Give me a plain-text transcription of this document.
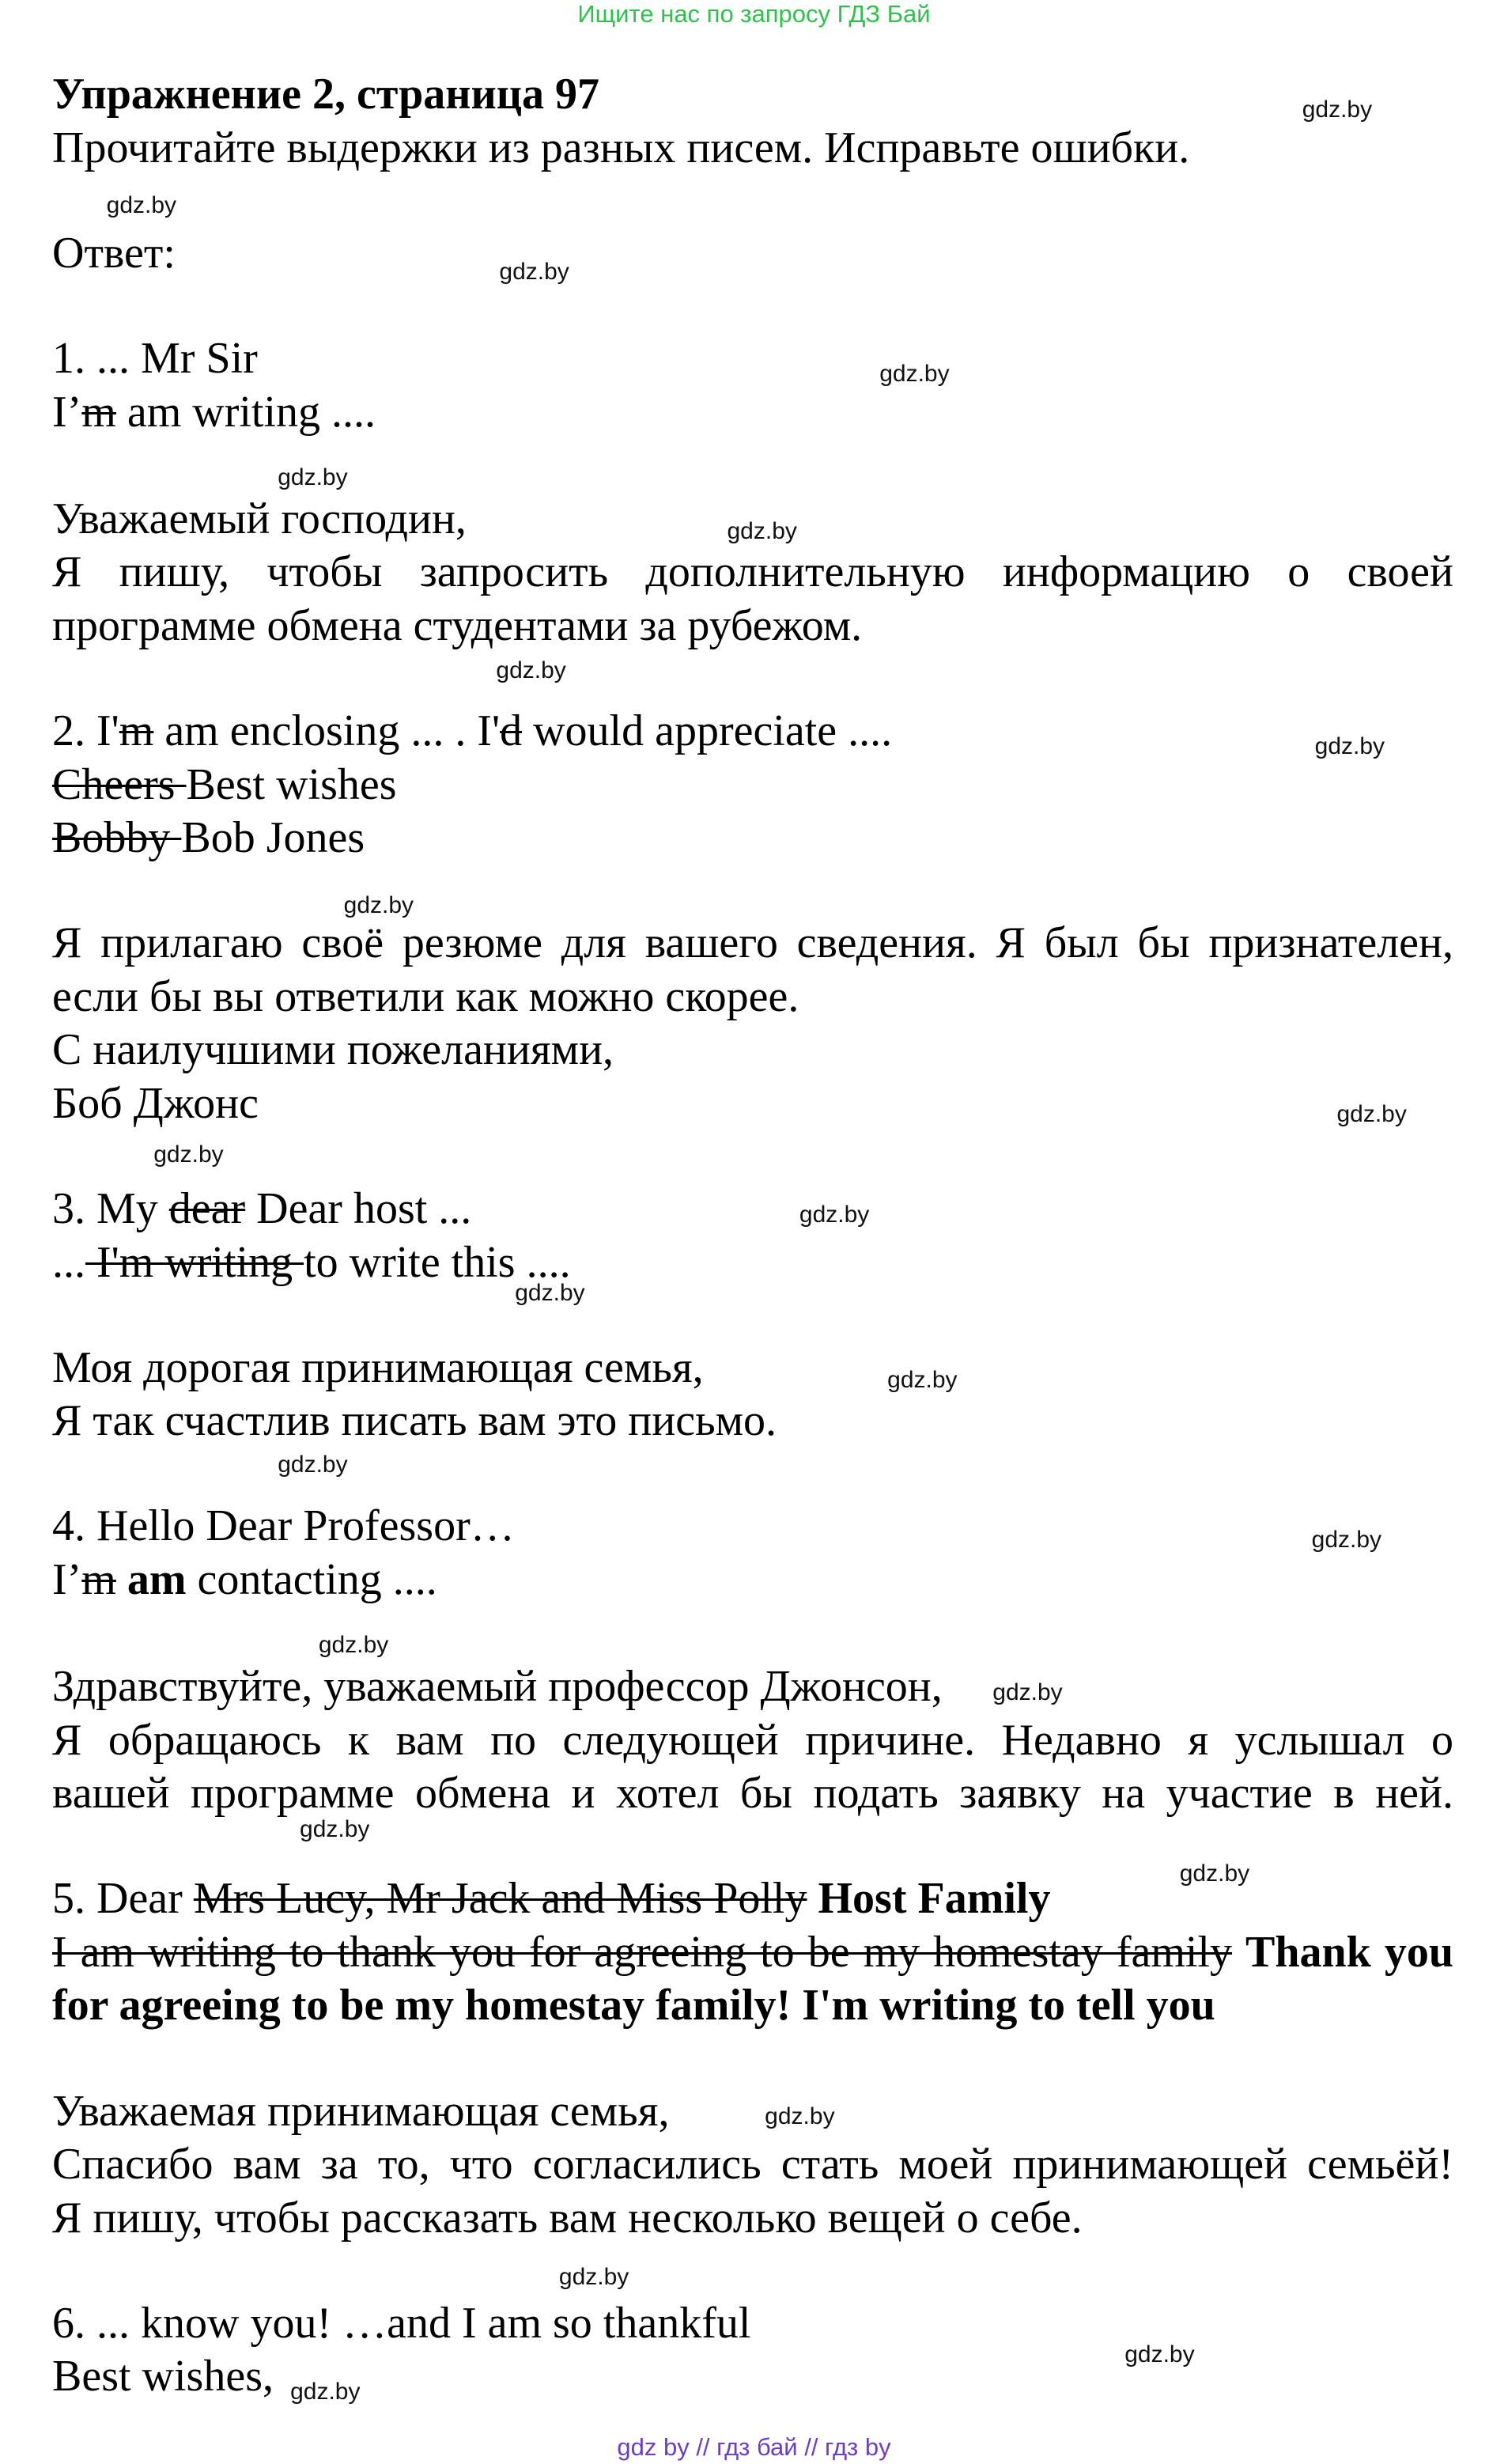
Ищите нас по запросу ГДЗ Бай
Упражнение 2, страница 97
Прочитайте выдержки из разных писем. Исправьте ошибки.
Ответ:
1. ... Mr Sir
I’m am writing ....
Уважаемый господин,
Я пишу, чтобы запросить дополнительную информацию о своей
программе обмена студентами за рубежом.
2. I'm am enclosing ... . I'd would appreciate ....
Cheers Best wishes
Bobby Bob Jones
Я прилагаю своё резюме для вашего сведения. Я был бы признателен,
если бы вы ответили как можно скорее.
С наилучшими пожеланиями,
Боб Джонс
3. My dear Dear host ...
... I'm writing to write this ....
Моя дорогая принимающая семья,
Я так счастлив писать вам это письмо.
4. Hello Dear Professor…
I’m am contacting ....
Здравствуйте, уважаемый профессор Джонсон,
Я обращаюсь к вам по следующей причине. Недавно я услышал о
вашей программе обмена и хотел бы подать заявку на участие в ней.
5. Dear Mrs Lucy, Mr Jack and Miss Polly Host Family
I am writing to thank you for agreeing to be my homestay family Thank you
for agreeing to be my homestay family! I'm writing to tell you
Уважаемая принимающая семья,
Спасибо вам за то, что согласились стать моей принимающей семьёй!
Я пишу, чтобы рассказать вам несколько вещей о себе.
6. ... know you! …and I am so thankful
Best wishes,
gdz.by
gdz.by
gdz.by
gdz.by
gdz.by
gdz.by
gdz.by
gdz.by
gdz.by
gdz.by
gdz.by
gdz.by
gdz.by
gdz.by
gdz.by
gdz.by
gdz.by
gdz.by
gdz.by
gdz.by
gdz.by
gdz.by
gdz.by
gdz.by
gdz by // гдз бай // гдз by
